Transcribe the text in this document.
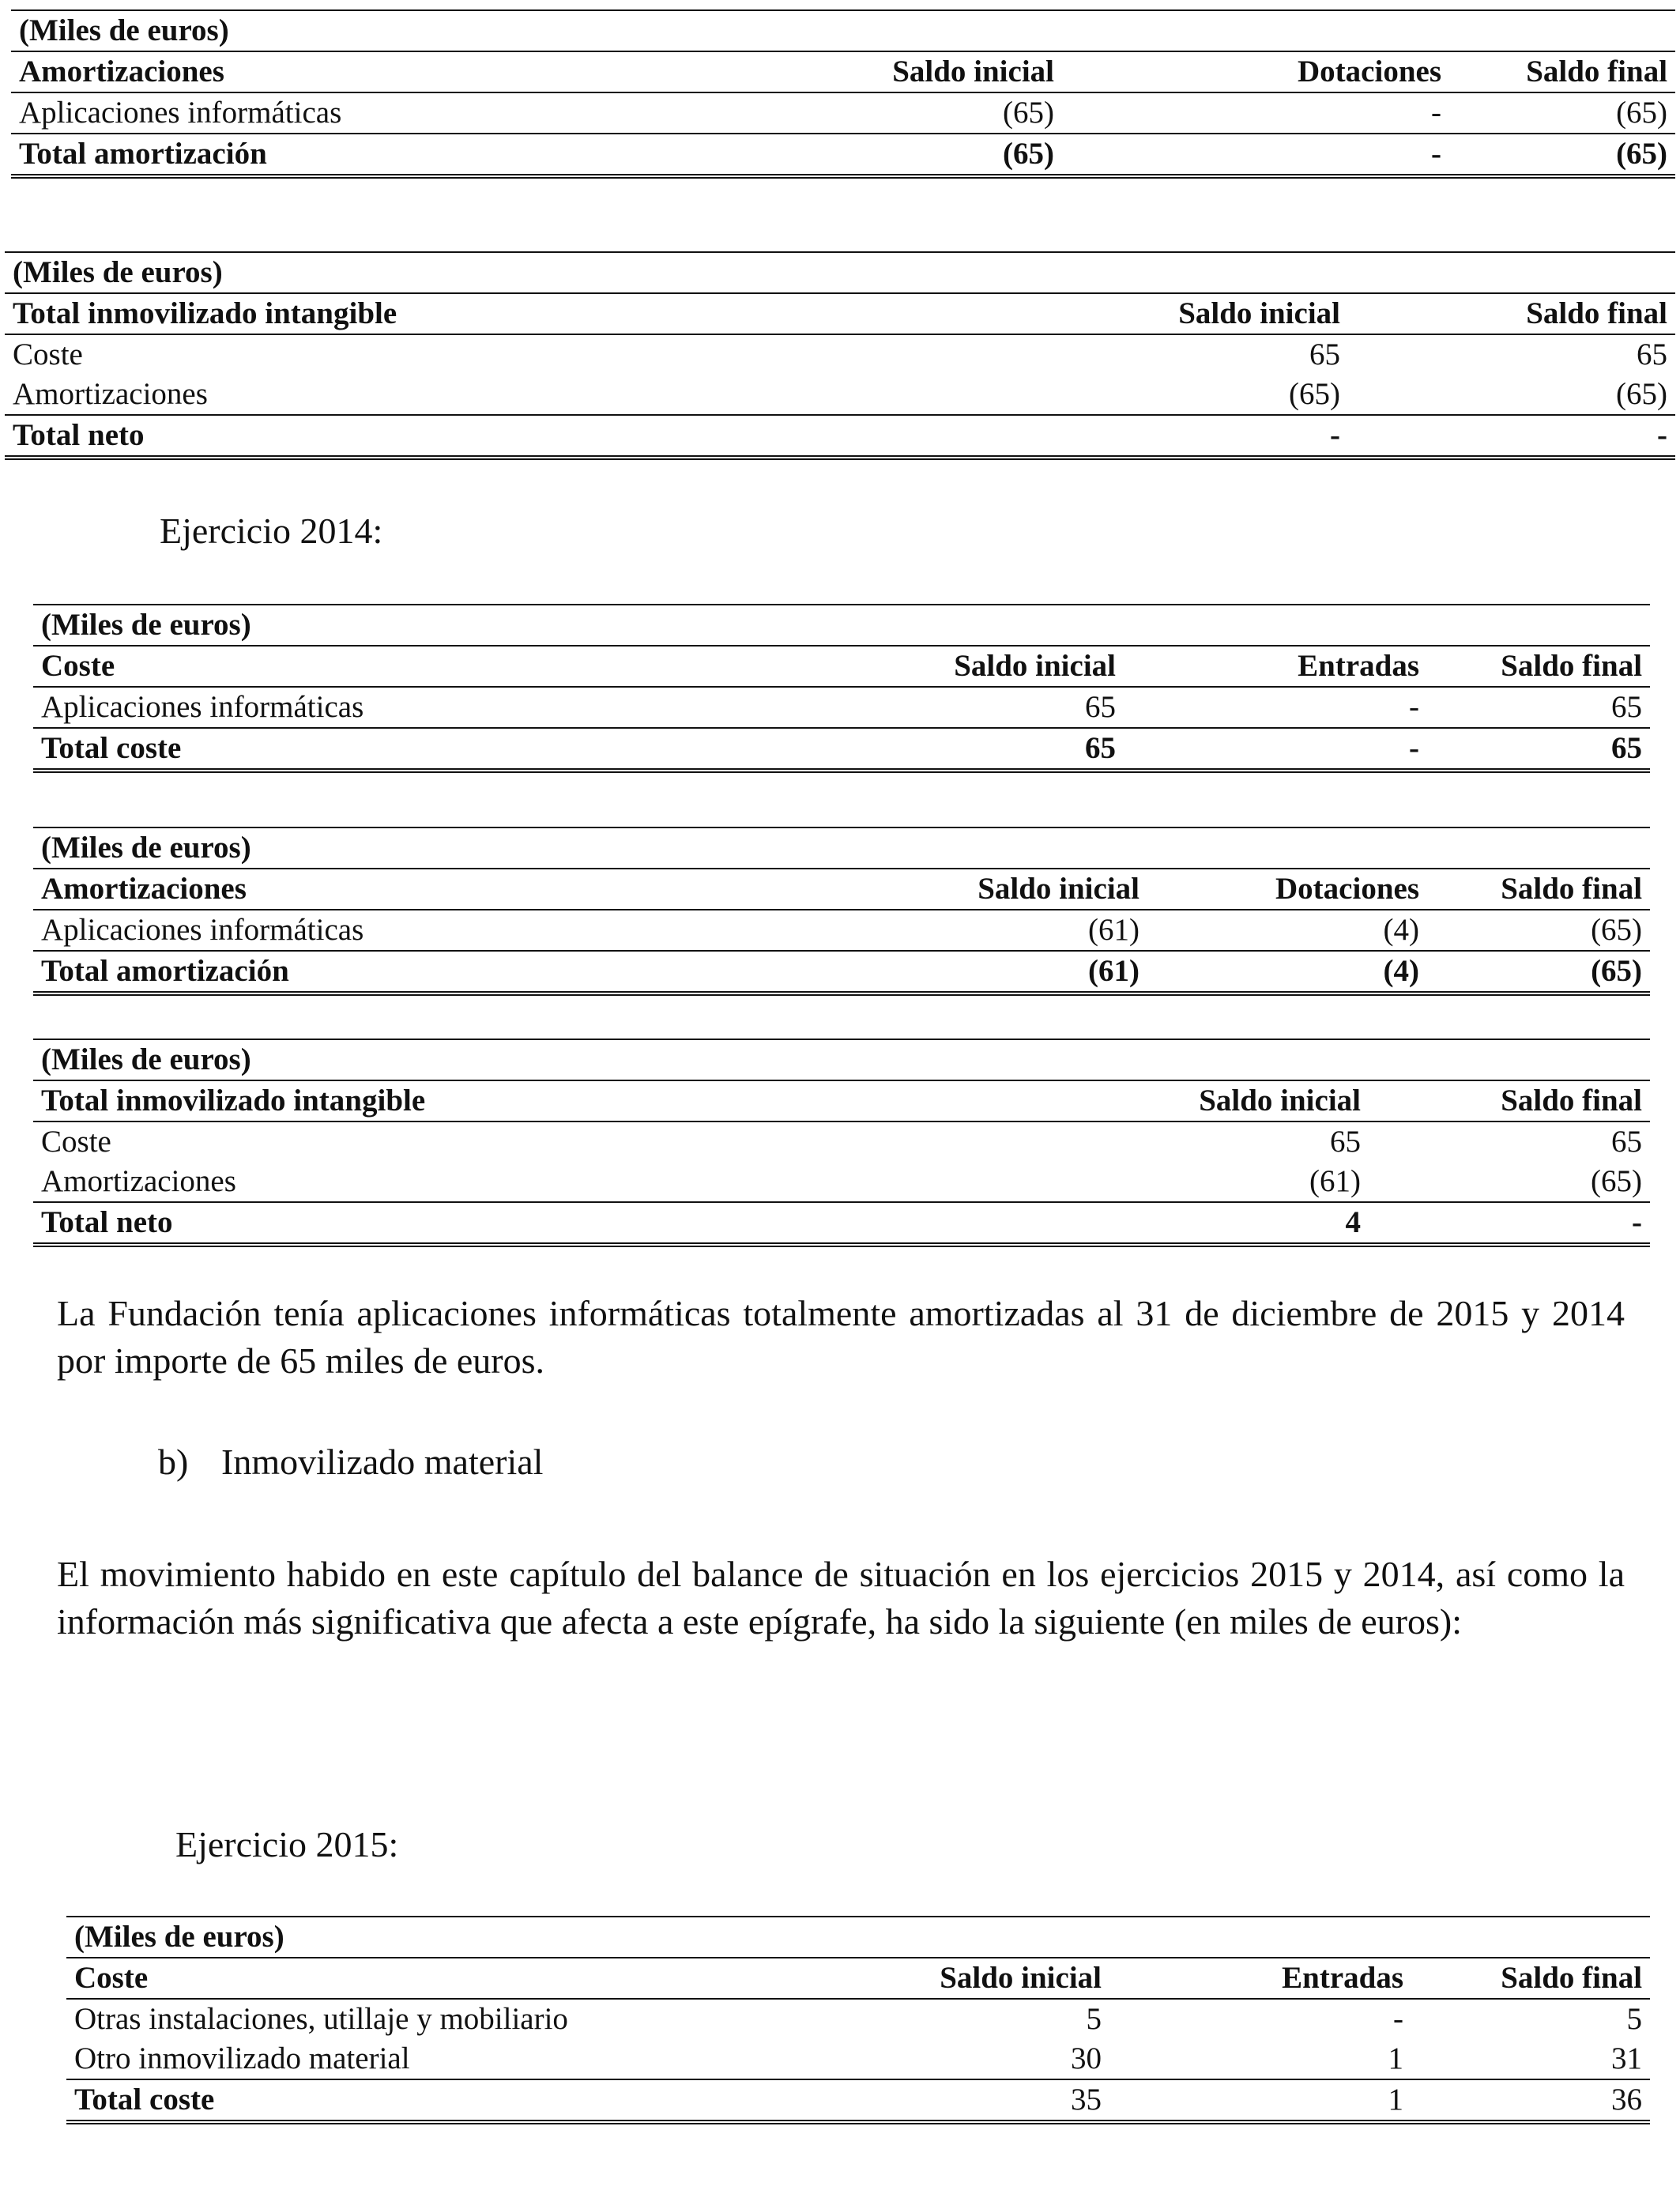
(Miles de euros)			
Amortizaciones	Saldo inicial	Dotaciones	Saldo final
Aplicaciones informáticas	(65)	-	(65)
Total amortización	(65)	-	(65)
(Miles de euros)		
Total inmovilizado intangible	Saldo inicial	Saldo final
Coste	65	65
Amortizaciones	(65)	(65)
Total neto	-	-
Ejercicio 2014:
(Miles de euros)			
Coste	Saldo inicial	Entradas	Saldo final
Aplicaciones informáticas	65	-	65
Total coste	65	-	65
(Miles de euros)			
Amortizaciones	Saldo inicial	Dotaciones	Saldo final
Aplicaciones informáticas	(61)	(4)	(65)
Total amortización	(61)	(4)	(65)
(Miles de euros)		
Total inmovilizado intangible	Saldo inicial	Saldo final
Coste	65	65
Amortizaciones	(61)	(65)
Total neto	4	-

La Fundación tenía aplicaciones informáticas totalmente amortizadas al 31 de diciembre de 2015 y 2014 por importe de 65 miles de euros.

b) Inmovilizado material

El movimiento habido en este capítulo del balance de situación en los ejercicios 2015 y 2014, así como la información más significativa que afecta a este epígrafe, ha sido la siguiente (en miles de euros):

Ejercicio 2015:
(Miles de euros)			
Coste	Saldo inicial	Entradas	Saldo final
Otras instalaciones, utillaje y mobiliario	5	-	5
Otro inmovilizado material	30	1	31
Total coste	35	1	36
